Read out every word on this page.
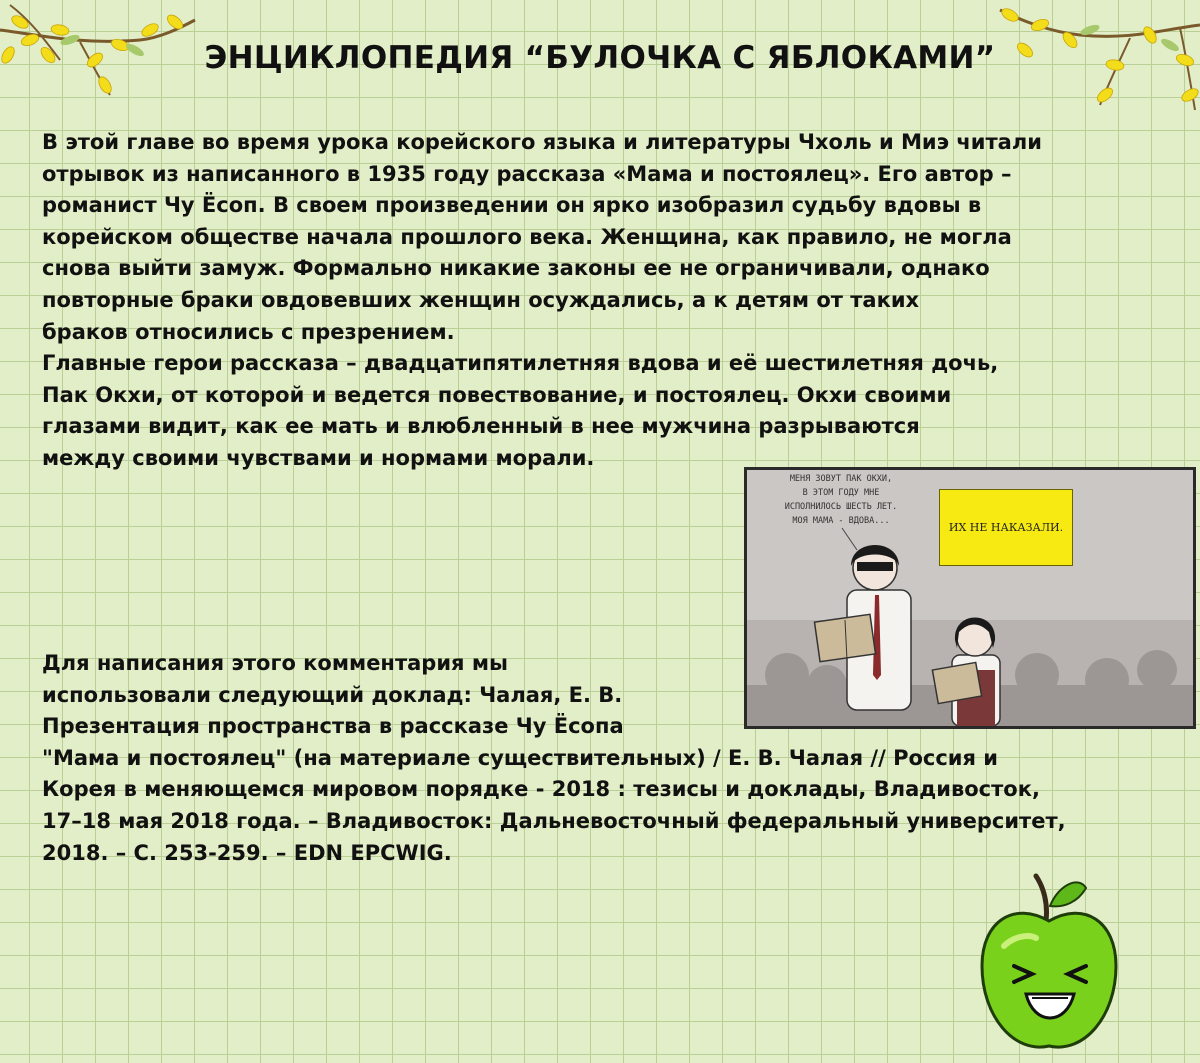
ЭНЦИКЛОПЕДИЯ “БУЛОЧКА С ЯБЛОКАМИ”

В этой главе во время урока корейского языка и литературы Чхоль и Миэ читали
отрывок из написанного в 1935 году рассказа «Мама и постоялец». Его автор –
романист Чу Ёсоп. В своем произведении он ярко изобразил судьбу вдовы в
корейском обществе начала прошлого века. Женщина, как правило, не могла
снова выйти замуж. Формально никакие законы ее не ограничивали, однако
повторные браки овдовевших женщин осуждались, а к детям от таких
браков относились с презрением.
Главные герои рассказа – двадцатипятилетняя вдова и её шестилетняя дочь,
Пак Окхи, от которой и ведется повествование, и постоялец. Окхи своими
глазами видит, как ее мать и влюбленный в нее мужчина разрываются
между своими чувствами и нормами морали.

МЕНЯ ЗОВУТ ПАК ОКХИ,
В ЭТОМ ГОДУ МНЕ
ИСПОЛНИЛОСЬ ШЕСТЬ ЛЕТ.
МОЯ МАМА - ВДОВА...	ИХ НЕ НАКАЗАЛИ.

Для написания этого комментария мы
использовали следующий доклад: Чалая, Е. В.
Презентация пространства в рассказе Чу Ёсопа
"Мама и постоялец" (на материале существительных) / Е. В. Чалая // Россия и
Корея в меняющемся мировом порядке - 2018 : тезисы и доклады, Владивосток,
17–18 мая 2018 года. – Владивосток: Дальневосточный федеральный университет,
2018. – С. 253-259. – EDN EPCWIG.
